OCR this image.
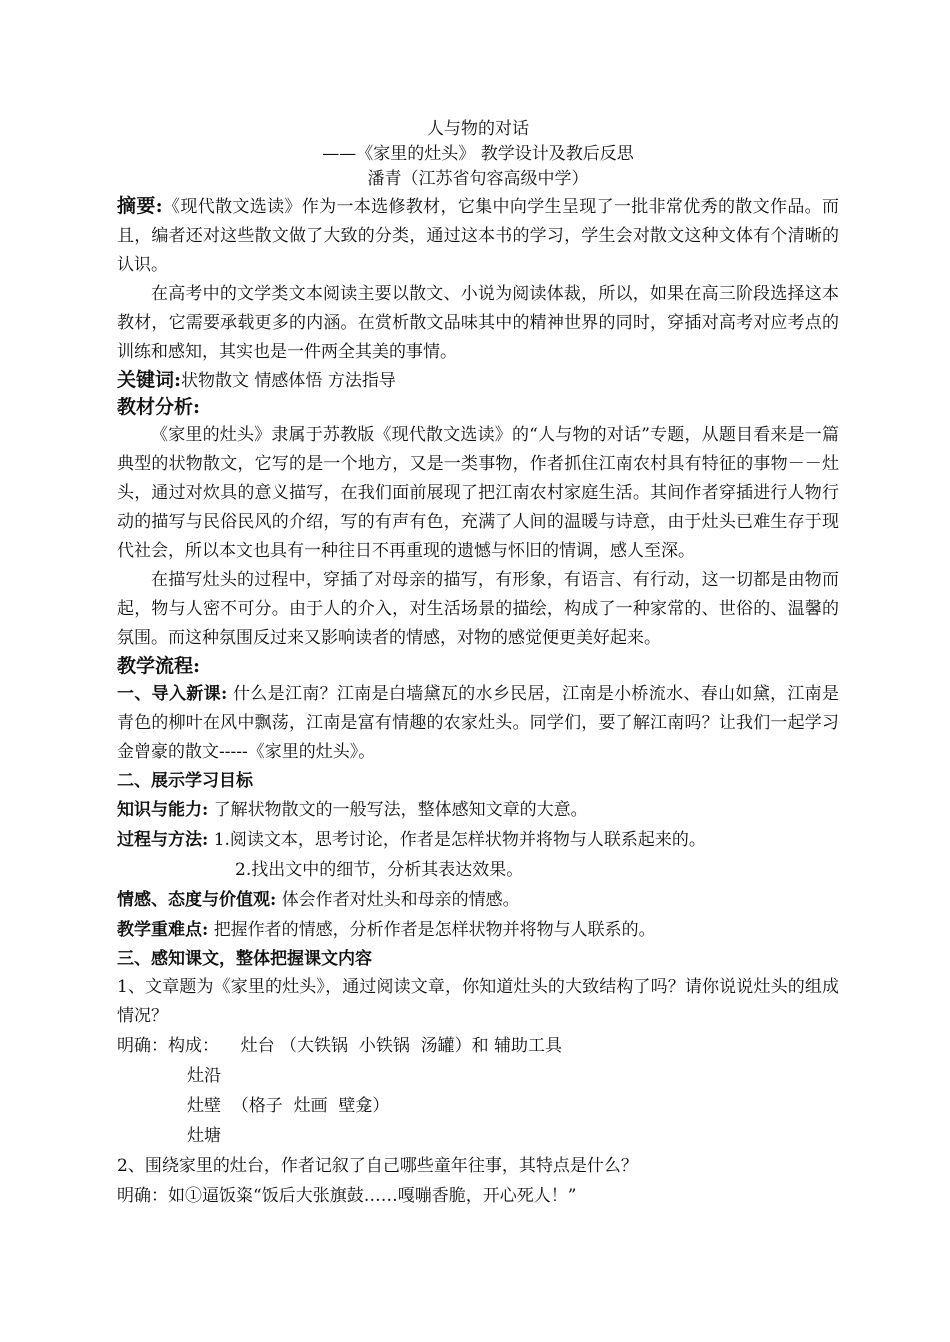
人与物的对话
——《家里的灶头》 教学设计及教后反思
潘青（江苏省句容高级中学）

摘要:《现代散文选读》作为一本选修教材，它集中向学生呈现了一批非常优秀的散文作品。而且，编者还对这些散文做了大致的分类，通过这本书的学习，学生会对散文这种文体有个清晰的认识。

在高考中的文学类文本阅读主要以散文、小说为阅读体裁，所以，如果在高三阶段选择这本教材，它需要承载更多的内涵。在赏析散文品味其中的精神世界的同时，穿插对高考对应考点的训练和感知，其实也是一件两全其美的事情。

关键词:状物散文 情感体悟 方法指导

教材分析:

《家里的灶头》隶属于苏教版《现代散文选读》的“人与物的对话”专题，从题目看来是一篇典型的状物散文，它写的是一个地方，又是一类事物，作者抓住江南农村具有特征的事物－－灶头，通过对炊具的意义描写，在我们面前展现了把江南农村家庭生活。其间作者穿插进行人物行动的描写与民俗民风的介绍，写的有声有色，充满了人间的温暖与诗意，由于灶头已难生存于现代社会，所以本文也具有一种往日不再重现的遗憾与怀旧的情调，感人至深。

在描写灶头的过程中，穿插了对母亲的描写，有形象，有语言、有行动，这一切都是由物而起，物与人密不可分。由于人的介入，对生活场景的描绘，构成了一种家常的、世俗的、温馨的氛围。而这种氛围反过来又影响读者的情感，对物的感觉便更美好起来。

教学流程:

一、导入新课: 什么是江南？江南是白墙黛瓦的水乡民居，江南是小桥流水、春山如黛，江南是青色的柳叶在风中飘荡，江南是富有情趣的农家灶头。同学们，要了解江南吗？让我们一起学习金曾豪的散文-----《家里的灶头》。

二、展示学习目标

知识与能力: 了解状物散文的一般写法，整体感知文章的大意。

过程与方法: 1.阅读文本，思考讨论，作者是怎样状物并将物与人联系起来的。

2.找出文中的细节，分析其表达效果。

情感、态度与价值观: 体会作者对灶头和母亲的情感。

教学重难点: 把握作者的情感，分析作者是怎样状物并将物与人联系的。

三、感知课文，整体把握课文内容

1、文章题为《家里的灶头》，通过阅读文章，你知道灶头的大致结构了吗？请你说说灶头的组成情况？

明确：构成：    灶台 （大铁锅  小铁锅  汤罐）和 辅助工具

灶沿

灶壁  （格子  灶画  壁龛）

灶塘

2、围绕家里的灶台，作者记叙了自己哪些童年往事，其特点是什么？

明确：如①逼饭粢“饭后大张旗鼓……嘎嘣香脆，开心死人！”
